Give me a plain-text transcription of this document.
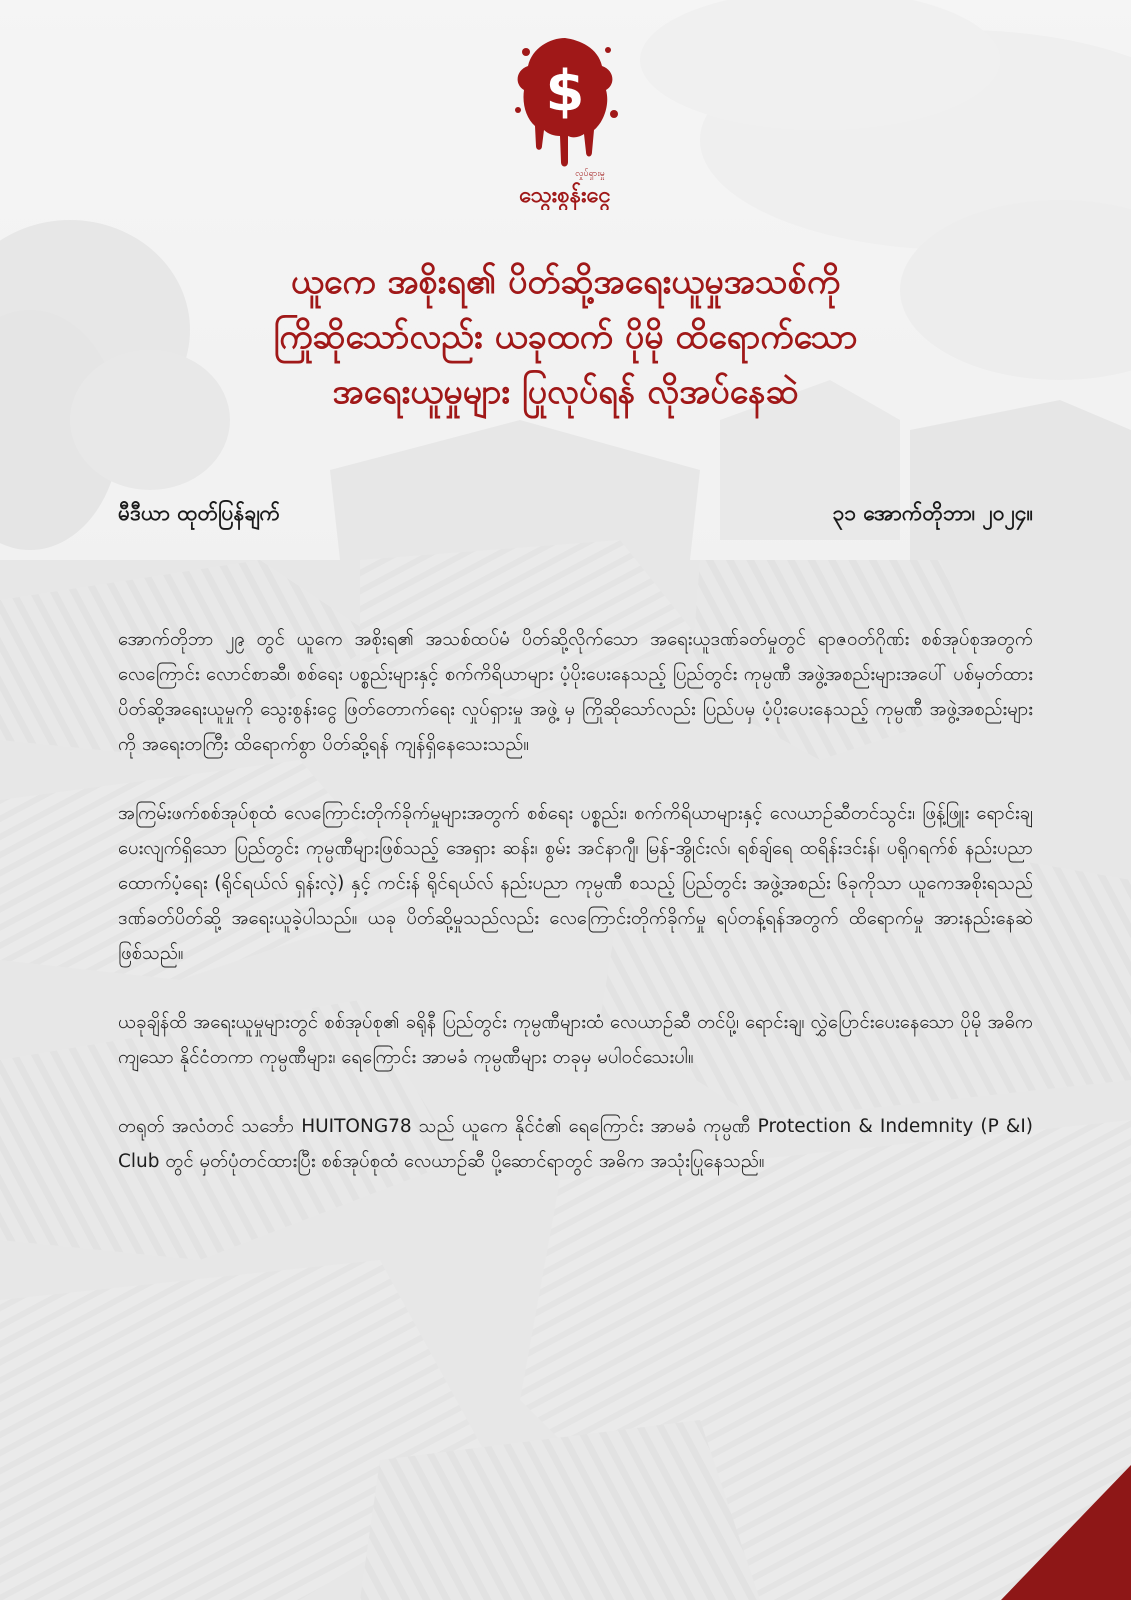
$
လှုပ်ရှားမှု
သွေးစွန်းငွေ
ယူကေ အစိုးရ၏ ပိတ်ဆို့အရေးယူမှုအသစ်ကို
ကြိုဆိုသော်လည်း ယခုထက် ပိုမို ထိရောက်သော
အရေးယူမှုများ ပြုလုပ်ရန် လိုအပ်နေဆဲ
မီဒီယာ ထုတ်ပြန်ချက်	၃၁ အောက်တိုဘာ၊ ၂၀၂၄။

အောက်တိုဘာ ၂၉ တွင် ယူကေ အစိုးရ၏ အသစ်ထပ်မံ ပိတ်ဆို့လိုက်သော အရေးယူဒဏ်ခတ်မှုတွင် ရာဇဝတ်ဂိုဏ်း စစ်အုပ်စုအတွက် လေကြောင်း လောင်စာဆီ၊ စစ်ရေး ပစ္စည်းများနှင့် စက်ကိရိယာများ ပံ့ပိုးပေးနေသည့် ပြည်တွင်း ကုမ္ပဏီ အဖွဲ့အစည်းများအပေါ် ပစ်မှတ်ထား ပိတ်ဆို့အရေးယူမှုကို သွေးစွန်းငွေ ဖြတ်တောက်ရေး လှုပ်ရှားမှု အဖွဲ့ မှ ကြိုဆိုသော်လည်း ပြည်ပမှ ပံ့ပိုးပေးနေသည့် ကုမ္ပဏီ အဖွဲ့အစည်းများကို အရေးတကြီး ထိရောက်စွာ ပိတ်ဆို့ရန် ကျန်ရှိနေသေးသည်။

အကြမ်းဖက်စစ်အုပ်စုထံ လေကြောင်းတိုက်ခိုက်မှုများအတွက် စစ်ရေး ပစ္စည်း၊ စက်ကိရိယာများနှင့် လေယာဉ်ဆီတင်သွင်း၊ ဖြန့်ဖြူး ရောင်းချ ပေးလျက်ရှိသော ပြည်တွင်း ကုမ္ပဏီများဖြစ်သည့် အေရှား ဆန်း၊ စွမ်း အင်နာဂျီ၊ မြန်-အွိုင်းလ်၊ ရစ်ချ်ရေ ထရိန်းဒင်းန်၊ ပရိုဂရက်စ် နည်းပညာ ထောက်ပံ့ရေး (ရိုင်ရယ်လ် ရှန်းလဲ့) နှင့် ကင်းန် ရိုင်ရယ်လ် နည်းပညာ ကုမ္ပဏီ စသည့် ပြည်တွင်း အဖွဲ့အစည်း ၆ခုကိုသာ ယူကေအစိုးရသည် ဒဏ်ခတ်ပိတ်ဆို့ အရေးယူခဲ့ပါသည်။ ယခု ပိတ်ဆို့မှုသည်လည်း လေကြောင်းတိုက်ခိုက်မှု ရပ်တန့်ရန်အတွက် ထိရောက်မှု အားနည်းနေဆဲ ဖြစ်သည်။

ယခုချိန်ထိ အရေးယူမှုများတွင် စစ်အုပ်စု၏ ခရိုနီ ပြည်တွင်း ကုမ္ပဏီများထံ လေယာဉ်ဆီ တင်ပို့၊ ရောင်းချ၊ လွှဲပြောင်းပေးနေသော ပိုမို အဓိက ကျသော နိုင်ငံတကာ ကုမ္ပဏီများ၊ ရေကြောင်း အာမခံ ကုမ္ပဏီများ တခုမှ မပါဝင်သေးပါ။

တရုတ် အလံတင် သင်္ဘော HUITONG78 သည် ယူကေ နိုင်ငံ၏ ရေကြောင်း အာမခံ ကုမ္ပဏီ Protection & Indemnity (P &I) Club တွင် မှတ်ပုံတင်ထားပြီး စစ်အုပ်စုထံ လေယာဉ်ဆီ ပို့ဆောင်ရာတွင် အဓိက အသုံးပြုနေသည်။
